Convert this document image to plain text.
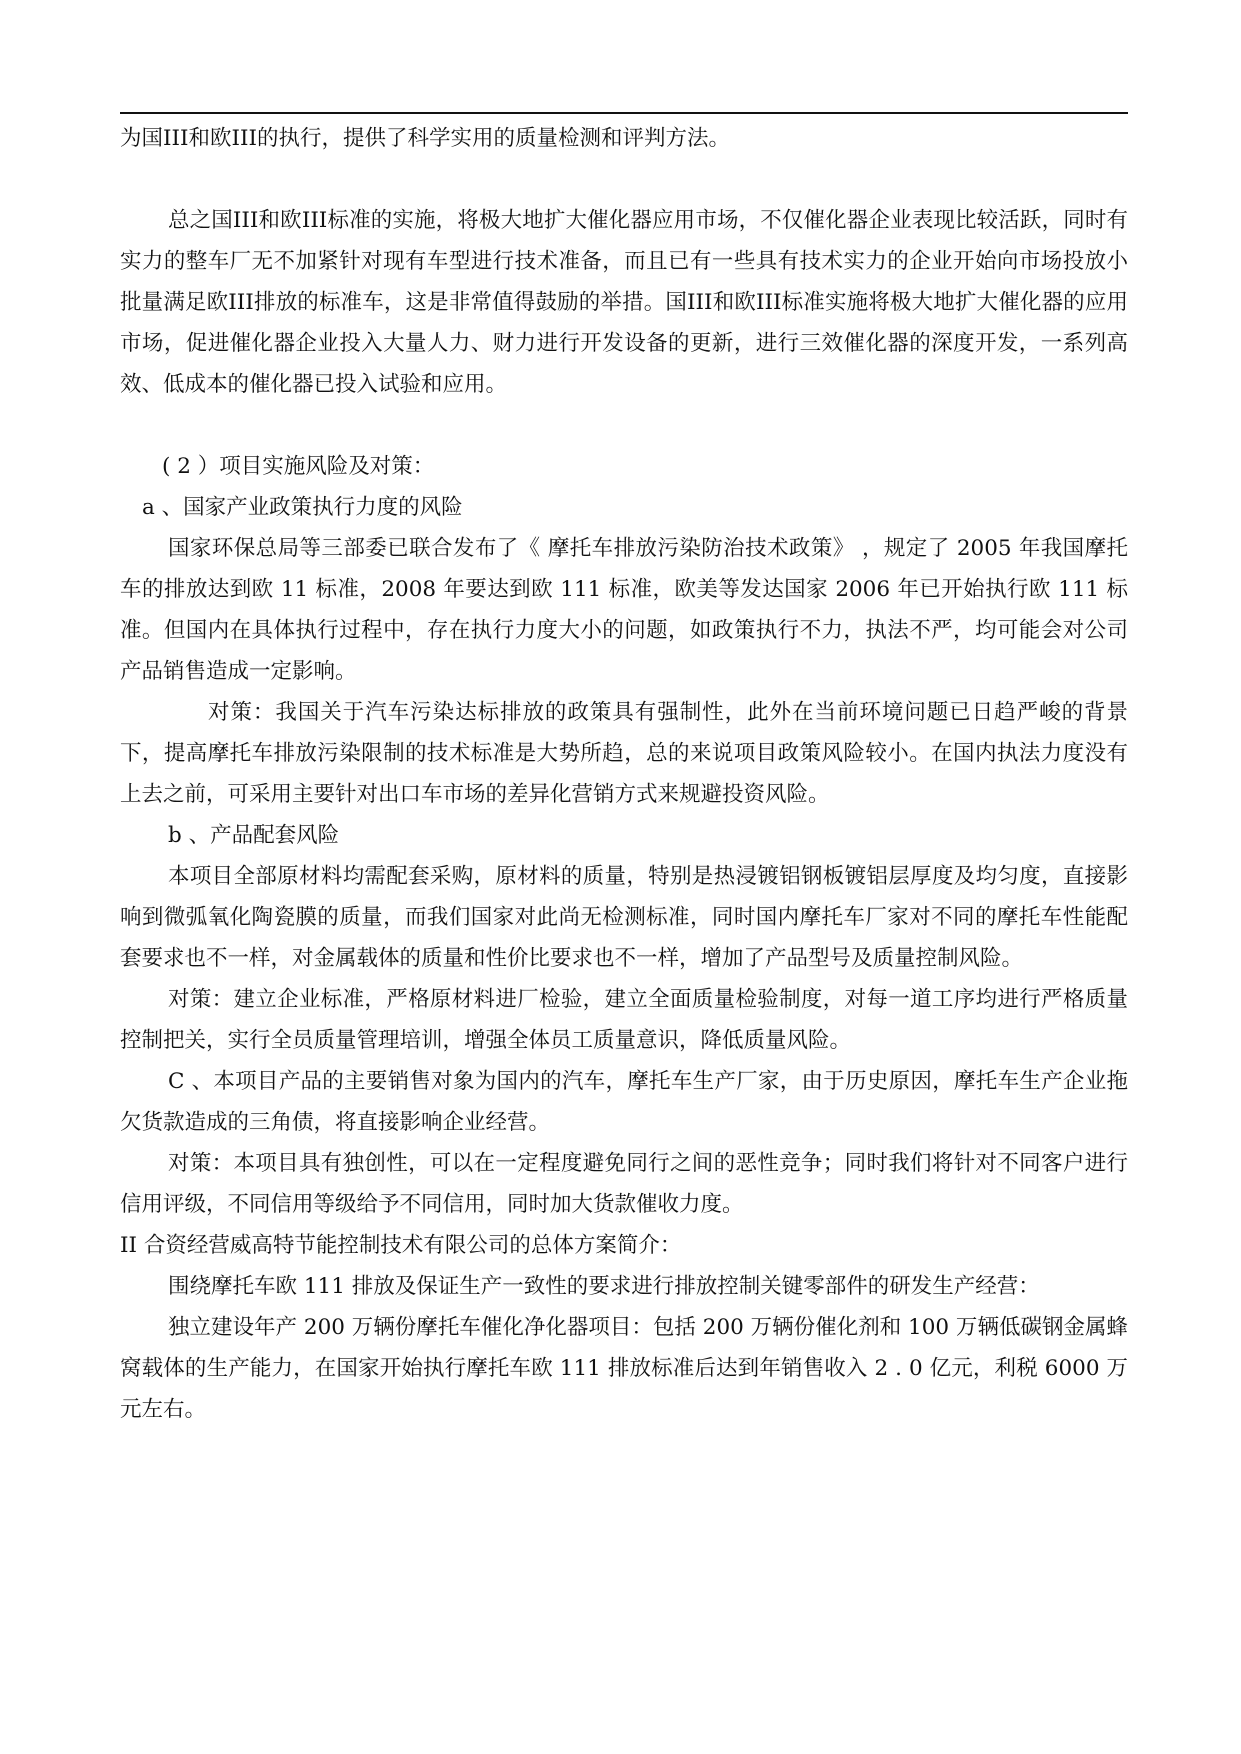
为国III和欧III的执行，提供了科学实用的质量检测和评判方法。

总之国III和欧III标准的实施，将极大地扩大催化器应用市场，不仅催化器企业表现比较活跃，同时有实力的整车厂无不加紧针对现有车型进行技术准备，而且已有一些具有技术实力的企业开始向市场投放小批量满足欧III排放的标准车，这是非常值得鼓励的举措。国III和欧III标准实施将极大地扩大催化器的应用市场，促进催化器企业投入大量人力、财力进行开发设备的更新，进行三效催化器的深度开发，一系列高效、低成本的催化器已投入试验和应用。

( 2 ）项目实施风险及对策：

a 、国家产业政策执行力度的风险

国家环保总局等三部委已联合发布了《 摩托车排放污染防治技术政策》 ，规定了 2005 年我国摩托车的排放达到欧 11 标准，2008 年要达到欧 111 标准，欧美等发达国家 2006 年已开始执行欧 111 标准。但国内在具体执行过程中，存在执行力度大小的问题，如政策执行不力，执法不严，均可能会对公司产品销售造成一定影响。

对策：我国关于汽车污染达标排放的政策具有强制性，此外在当前环境问题已日趋严峻的背景下，提高摩托车排放污染限制的技术标准是大势所趋，总的来说项目政策风险较小。在国内执法力度没有上去之前，可采用主要针对出口车市场的差异化营销方式来规避投资风险。

b 、产品配套风险

本项目全部原材料均需配套采购，原材料的质量，特别是热浸镀铝钢板镀铝层厚度及均匀度，直接影响到微弧氧化陶瓷膜的质量，而我们国家对此尚无检测标准，同时国内摩托车厂家对不同的摩托车性能配套要求也不一样，对金属载体的质量和性价比要求也不一样，增加了产品型号及质量控制风险。

对策：建立企业标准，严格原材料进厂检验，建立全面质量检验制度，对每一道工序均进行严格质量控制把关，实行全员质量管理培训，增强全体员工质量意识，降低质量风险。

C 、本项目产品的主要销售对象为国内的汽车，摩托车生产厂家，由于历史原因，摩托车生产企业拖欠货款造成的三角债，将直接影响企业经营。

对策：本项目具有独创性，可以在一定程度避免同行之间的恶性竞争；同时我们将针对不同客户进行信用评级，不同信用等级给予不同信用，同时加大货款催收力度。

II 合资经营威高特节能控制技术有限公司的总体方案简介：

围绕摩托车欧 111 排放及保证生产一致性的要求进行排放控制关键零部件的研发生产经营：

独立建设年产 200 万辆份摩托车催化净化器项目：包括 200 万辆份催化剂和 100 万辆低碳钢金属蜂窝载体的生产能力，在国家开始执行摩托车欧 111 排放标准后达到年销售收入 2 . 0 亿元，利税 6000 万元左右。
